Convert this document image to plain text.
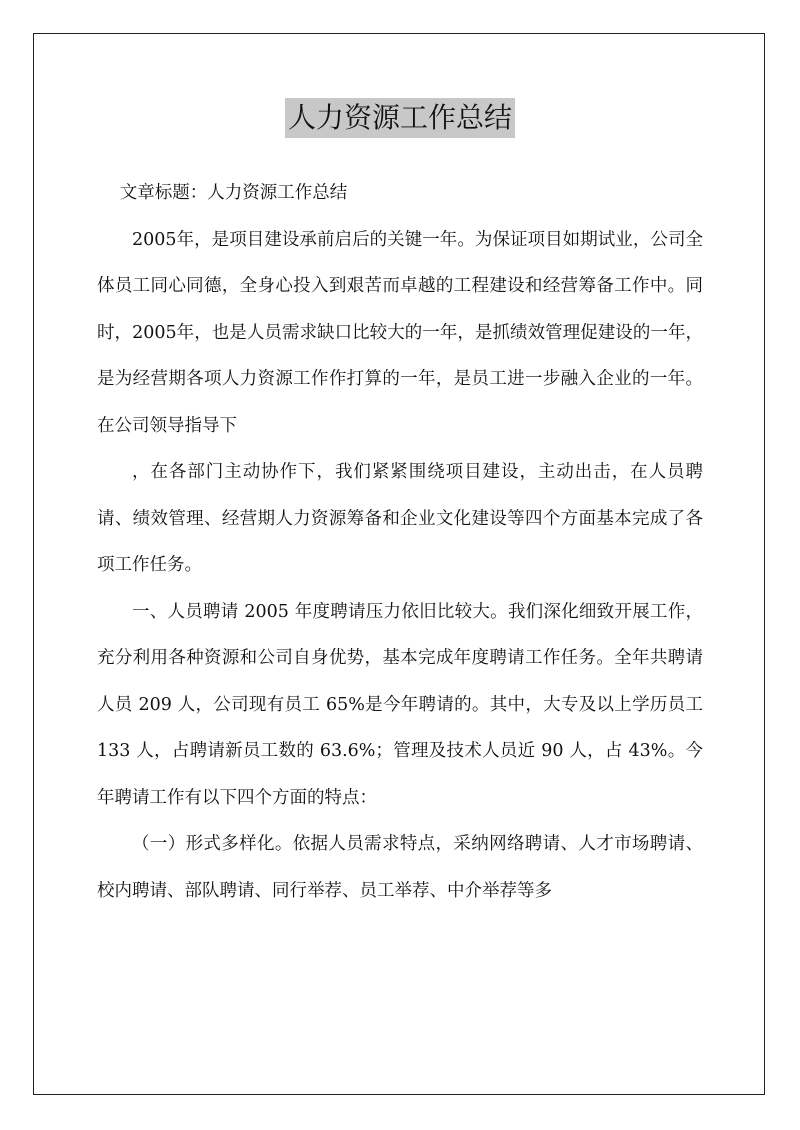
人力资源工作总结

文章标题：人力资源工作总结

2005年，是项目建设承前启后的关键一年。为保证项目如期试业，公司全体员工同心同德，全身心投入到艰苦而卓越的工程建设和经营筹备工作中。同时，2005年，也是人员需求缺口比较大的一年，是抓绩效管理促建设的一年，是为经营期各项人力资源工作作打算的一年，是员工进一步融入企业的一年。在公司领导指导下

，在各部门主动协作下，我们紧紧围绕项目建设，主动出击，在人员聘请、绩效管理、经营期人力资源筹备和企业文化建设等四个方面基本完成了各项工作任务。

一、人员聘请 2005 年度聘请压力依旧比较大。我们深化细致开展工作，充分利用各种资源和公司自身优势，基本完成年度聘请工作任务。全年共聘请人员 209 人，公司现有员工 65%是今年聘请的。其中，大专及以上学历员工 133 人，占聘请新员工数的 63.6%；管理及技术人员近 90 人，占 43%。今年聘请工作有以下四个方面的特点：

（一）形式多样化。依据人员需求特点，采纳网络聘请、人才市场聘请、校内聘请、部队聘请、同行举荐、员工举荐、中介举荐等多
